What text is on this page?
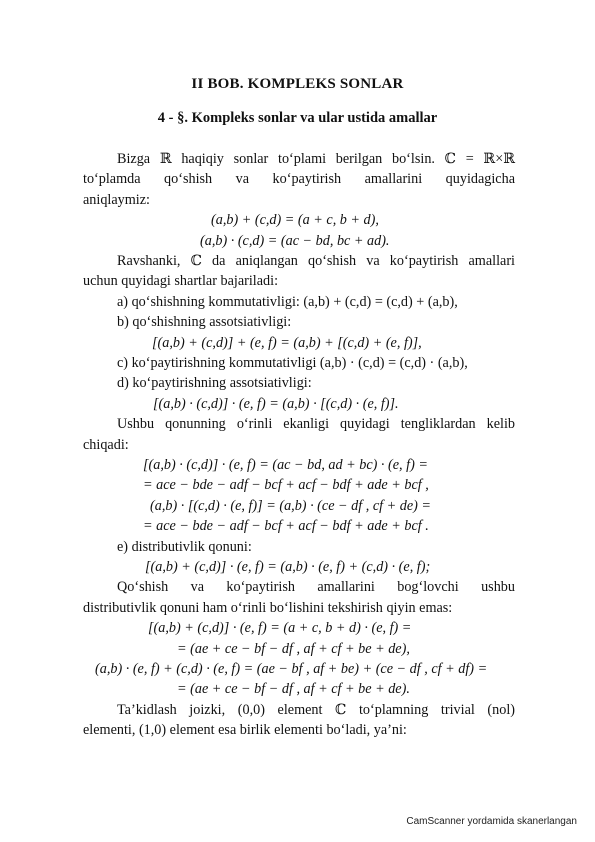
II BOB. KOMPLEKS SONLAR
4 - §. Kompleks sonlar va ular ustida amallar
Bizga ℝ haqiqiy sonlar to‘plami berilgan bo‘lsin. ℂ = ℝ×ℝ
to‘plamda qo‘shish va ko‘paytirish amallarini quyidagicha
aniqlaymiz:
(a,b) + (c,d) = (a + c, b + d),
(a,b) · (c,d) = (ac − bd, bc + ad).
Ravshanki, ℂ da aniqlangan qo‘shish va ko‘paytirish amallari
uchun quyidagi shartlar bajariladi:
a) qo‘shishning kommutativligi: (a,b) + (c,d) = (c,d) + (a,b),
b) qo‘shishning assotsiativligi:
[(a,b) + (c,d)] + (e, f) = (a,b) + [(c,d) + (e, f)],
c) ko‘paytirishning kommutativligi (a,b) · (c,d) = (c,d) · (a,b),
d) ko‘paytirishning assotsiativligi:
[(a,b) · (c,d)] · (e, f) = (a,b) · [(c,d) · (e, f)].
Ushbu qonunning o‘rinli ekanligi quyidagi tengliklardan kelib
chiqadi:
[(a,b) · (c,d)] · (e, f) = (ac − bd, ad + bc) · (e, f) =
= ace − bde − adf − bcf + acf − bdf + ade + bcf ,
(a,b) · [(c,d) · (e, f)] = (a,b) · (ce − df , cf + de) =
= ace − bde − adf − bcf + acf − bdf + ade + bcf .
e) distributivlik qonuni:
[(a,b) + (c,d)] · (e, f) = (a,b) · (e, f) + (c,d) · (e, f);
Qo‘shish va ko‘paytirish amallarini bog‘lovchi ushbu
distributivlik qonuni ham o‘rinli bo‘lishini tekshirish qiyin emas:
[(a,b) + (c,d)] · (e, f) = (a + c, b + d) · (e, f) =
= (ae + ce − bf − df , af + cf + be + de),
(a,b) · (e, f) + (c,d) · (e, f) = (ae − bf , af + be) + (ce − df , cf + df) =
= (ae + ce − bf − df , af + cf + be + de).
Ta’kidlash joizki, (0,0) element ℂ to‘plamning trivial (nol)
elementi, (1,0) element esa birlik elementi bo‘ladi, ya’ni:
CamScanner yordamida skanerlangan
